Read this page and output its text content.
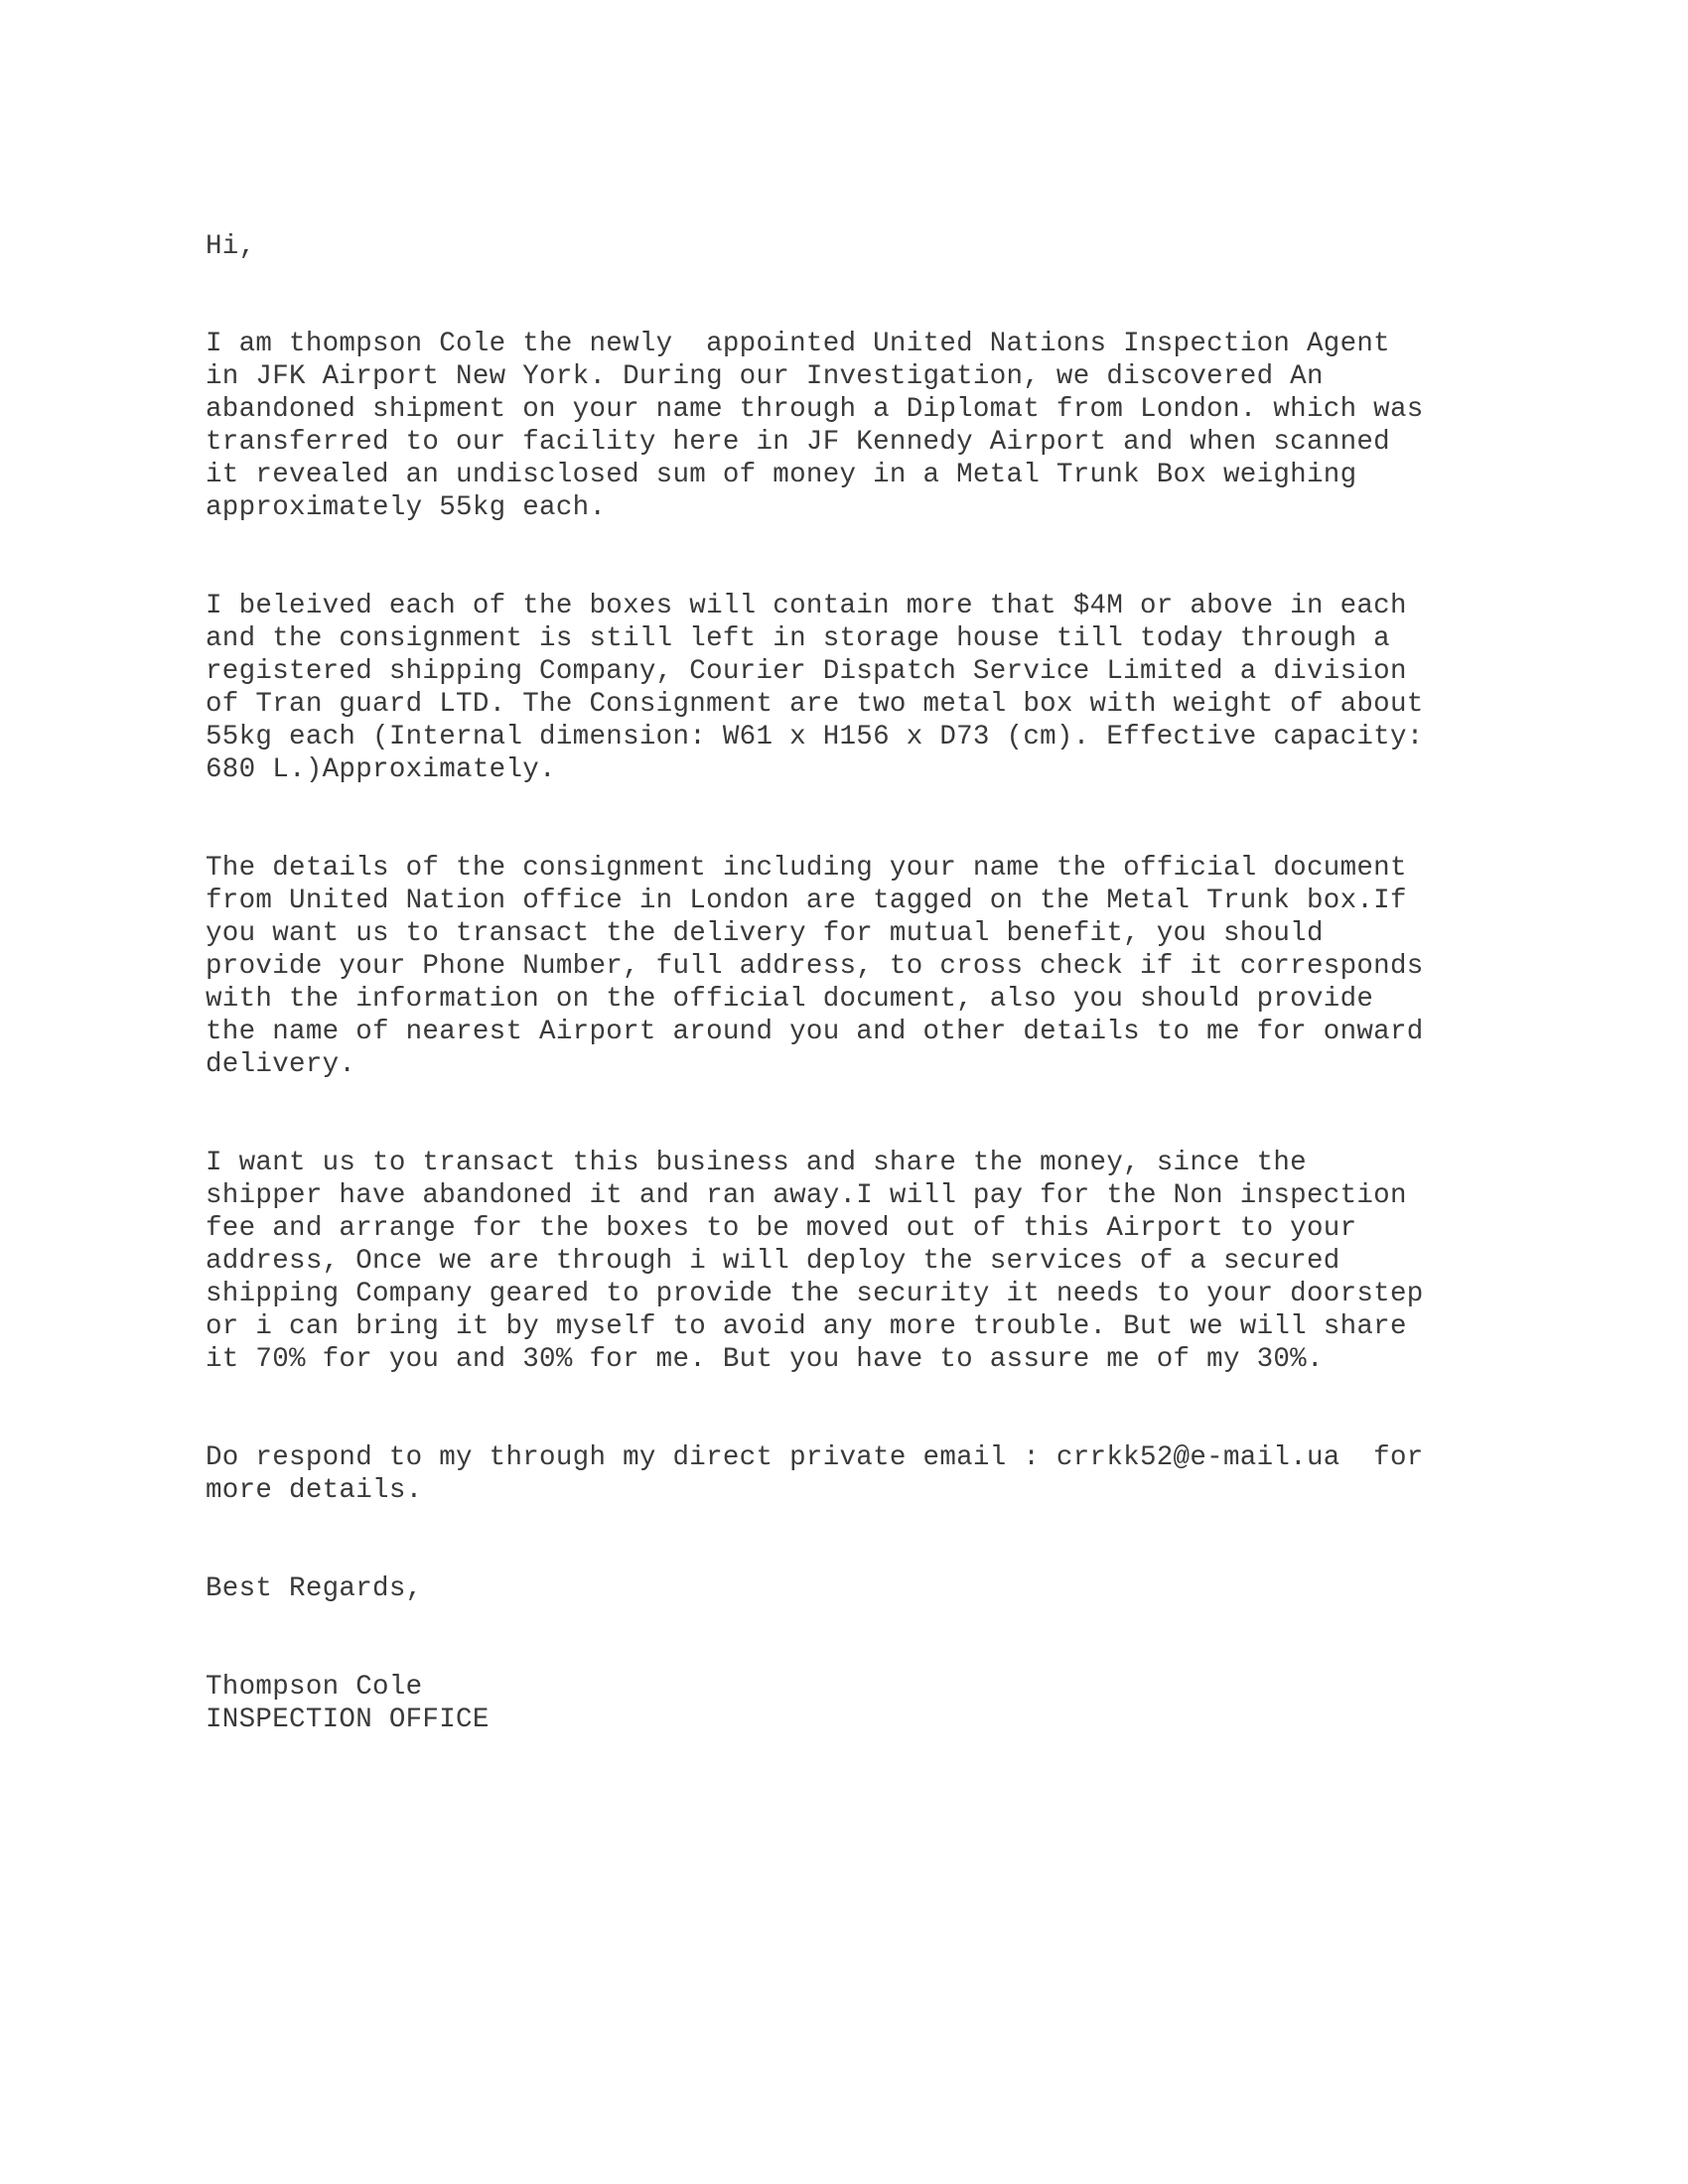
Hi,
I am thompson Cole the newly  appointed United Nations Inspection Agent
in JFK Airport New York. During our Investigation, we discovered An
abandoned shipment on your name through a Diplomat from London. which was
transferred to our facility here in JF Kennedy Airport and when scanned
it revealed an undisclosed sum of money in a Metal Trunk Box weighing
approximately 55kg each.
I beleived each of the boxes will contain more that $4M or above in each
and the consignment is still left in storage house till today through a
registered shipping Company, Courier Dispatch Service Limited a division
of Tran guard LTD. The Consignment are two metal box with weight of about
55kg each (Internal dimension: W61 x H156 x D73 (cm). Effective capacity:
680 L.)Approximately.
The details of the consignment including your name the official document
from United Nation office in London are tagged on the Metal Trunk box.If
you want us to transact the delivery for mutual benefit, you should
provide your Phone Number, full address, to cross check if it corresponds
with the information on the official document, also you should provide
the name of nearest Airport around you and other details to me for onward
delivery.
I want us to transact this business and share the money, since the
shipper have abandoned it and ran away.I will pay for the Non inspection
fee and arrange for the boxes to be moved out of this Airport to your
address, Once we are through i will deploy the services of a secured
shipping Company geared to provide the security it needs to your doorstep
or i can bring it by myself to avoid any more trouble. But we will share
it 70% for you and 30% for me. But you have to assure me of my 30%.
Do respond to my through my direct private email : crrkk52@e-mail.ua  for
more details.
Best Regards,
Thompson Cole
INSPECTION OFFICE
